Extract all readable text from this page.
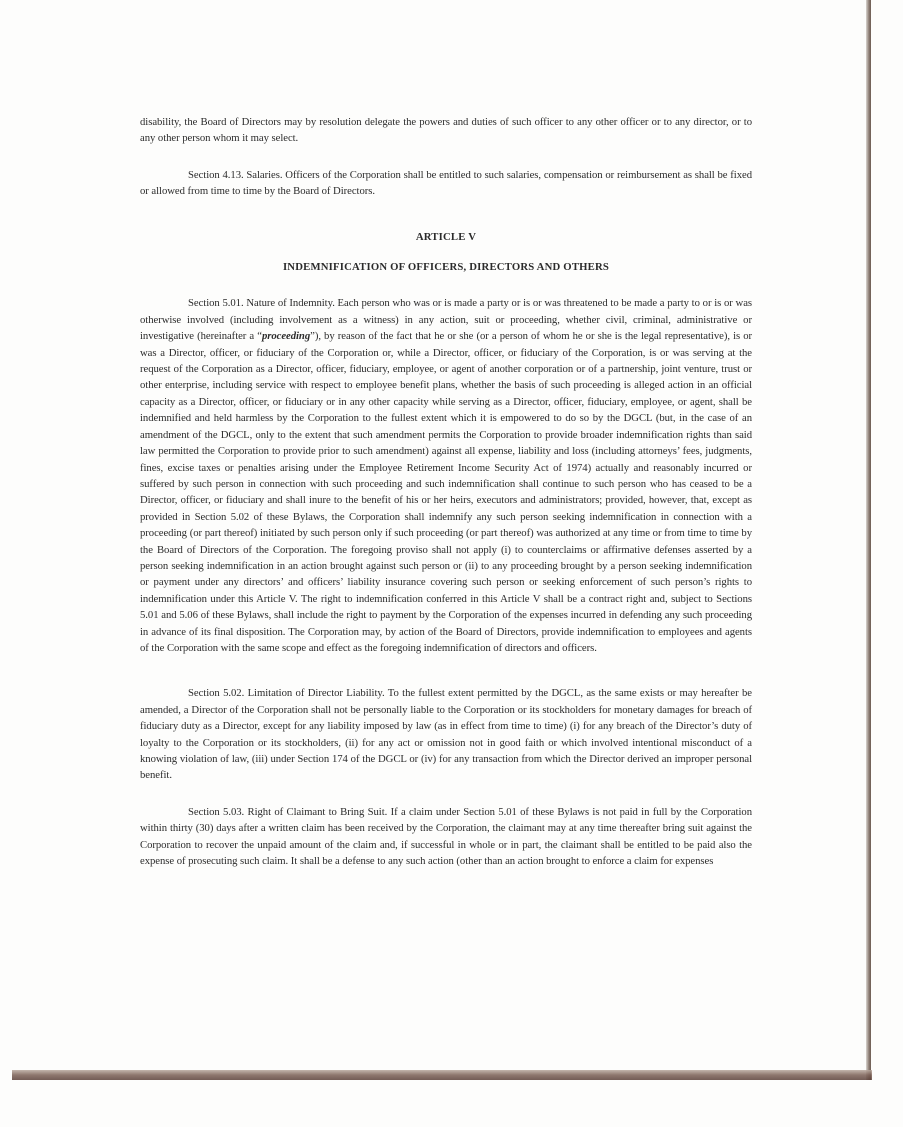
disability, the Board of Directors may by resolution delegate the powers and duties of such officer to any other officer or to any director, or to any other person whom it may select.

Section 4.13. Salaries. Officers of the Corporation shall be entitled to such salaries, compensation or reimbursement as shall be fixed or allowed from time to time by the Board of Directors.

ARTICLE V

INDEMNIFICATION OF OFFICERS, DIRECTORS AND OTHERS

Section 5.01. Nature of Indemnity. Each person who was or is made a party or is or was threatened to be made a party to or is or was otherwise involved (including involvement as a witness) in any action, suit or proceeding, whether civil, criminal, administrative or investigative (hereinafter a “proceeding”), by reason of the fact that he or she (or a person of whom he or she is the legal representative), is or was a Director, officer, or fiduciary of the Corporation or, while a Director, officer, or fiduciary of the Corporation, is or was serving at the request of the Corporation as a Director, officer, fiduciary, employee, or agent of another corporation or of a partnership, joint venture, trust or other enterprise, including service with respect to employee benefit plans, whether the basis of such proceeding is alleged action in an official capacity as a Director, officer, or fiduciary or in any other capacity while serving as a Director, officer, fiduciary, employee, or agent, shall be indemnified and held harmless by the Corporation to the fullest extent which it is empowered to do so by the DGCL (but, in the case of an amendment of the DGCL, only to the extent that such amendment permits the Corporation to provide broader indemnification rights than said law permitted the Corporation to provide prior to such amendment) against all expense, liability and loss (including attorneys’ fees, judgments, fines, excise taxes or penalties arising under the Employee Retirement Income Security Act of 1974) actually and reasonably incurred or suffered by such person in connection with such proceeding and such indemnification shall continue to such person who has ceased to be a Director, officer, or fiduciary and shall inure to the benefit of his or her heirs, executors and administrators; provided, however, that, except as provided in Section 5.02 of these Bylaws, the Corporation shall indemnify any such person seeking indemnification in connection with a proceeding (or part thereof) initiated by such person only if such proceeding (or part thereof) was authorized at any time or from time to time by the Board of Directors of the Corporation. The foregoing proviso shall not apply (i) to counterclaims or affirmative defenses asserted by a person seeking indemnification in an action brought against such person or (ii) to any proceeding brought by a person seeking indemnification or payment under any directors’ and officers’ liability insurance covering such person or seeking enforcement of such person’s rights to indemnification under this Article V. The right to indemnification conferred in this Article V shall be a contract right and, subject to Sections 5.01 and 5.06 of these Bylaws, shall include the right to payment by the Corporation of the expenses incurred in defending any such proceeding in advance of its final disposition. The Corporation may, by action of the Board of Directors, provide indemnification to employees and agents of the Corporation with the same scope and effect as the foregoing indemnification of directors and officers.

Section 5.02. Limitation of Director Liability. To the fullest extent permitted by the DGCL, as the same exists or may hereafter be amended, a Director of the Corporation shall not be personally liable to the Corporation or its stockholders for monetary damages for breach of fiduciary duty as a Director, except for any liability imposed by law (as in effect from time to time) (i) for any breach of the Director’s duty of loyalty to the Corporation or its stockholders, (ii) for any act or omission not in good faith or which involved intentional misconduct of a knowing violation of law, (iii) under Section 174 of the DGCL or (iv) for any transaction from which the Director derived an improper personal benefit.

Section 5.03. Right of Claimant to Bring Suit. If a claim under Section 5.01 of these Bylaws is not paid in full by the Corporation within thirty (30) days after a written claim has been received by the Corporation, the claimant may at any time thereafter bring suit against the Corporation to recover the unpaid amount of the claim and, if successful in whole or in part, the claimant shall be entitled to be paid also the expense of prosecuting such claim. It shall be a defense to any such action (other than an action brought to enforce a claim for expenses
